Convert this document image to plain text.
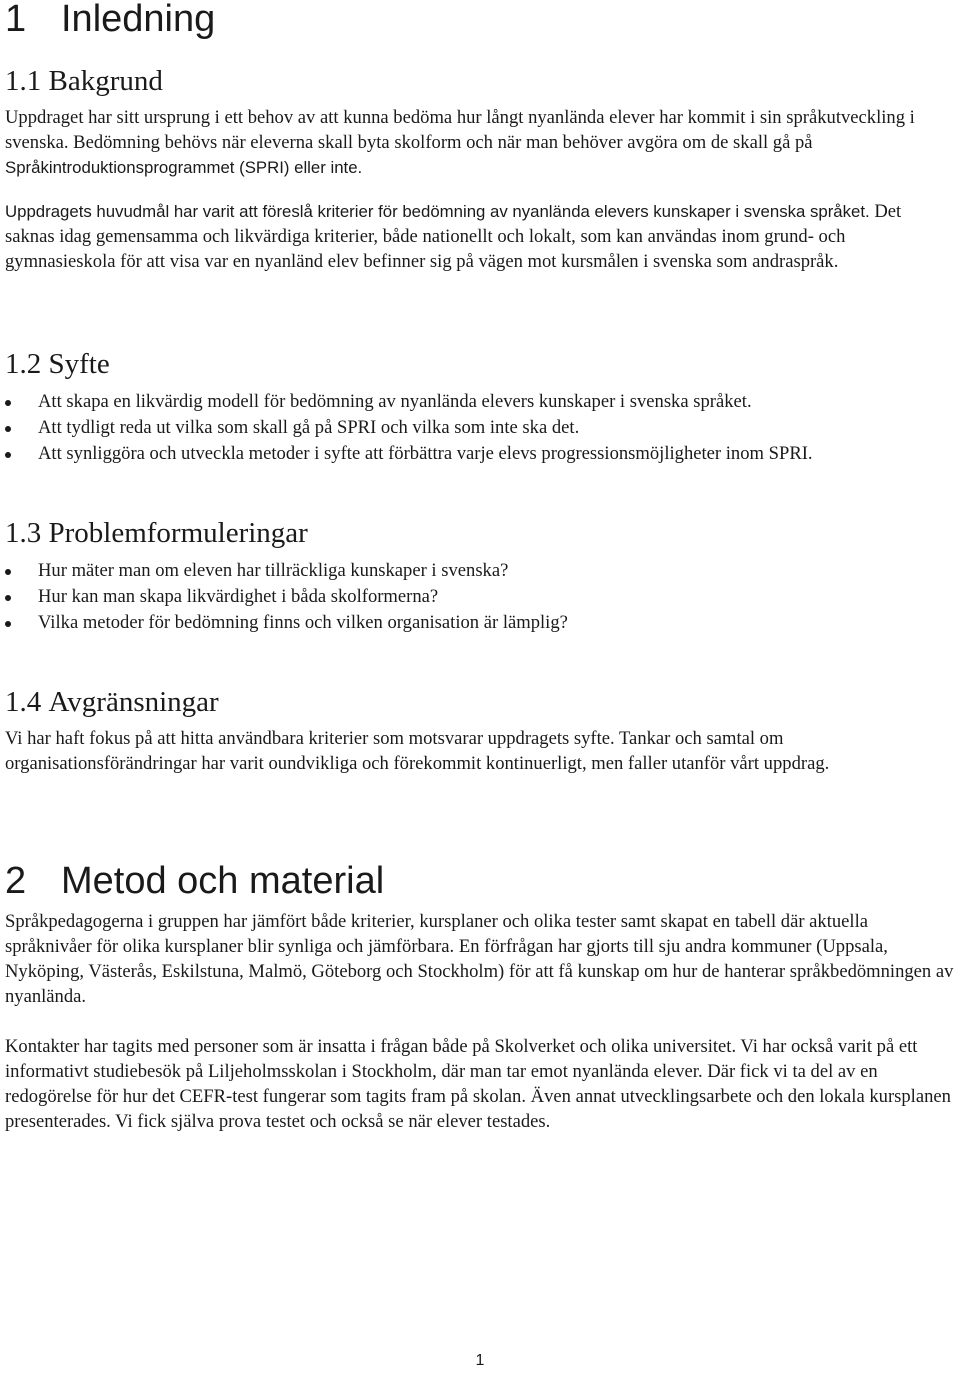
1 Inledning
1.1 Bakgrund

Uppdraget har sitt ursprung i ett behov av att kunna bedöma hur långt nyanlända elever har kommit i sin språkutveckling i svenska. Bedömning behövs när eleverna skall byta skolform och när man behöver avgöra om de skall gå på Språkintroduktionsprogrammet (SPRI) eller inte.

Uppdragets huvudmål har varit att föreslå kriterier för bedömning av nyanlända elevers kunskaper i svenska språket. Det saknas idag gemensamma och likvärdiga kriterier, både nationellt och lokalt, som kan användas inom grund- och gymnasieskola för att visa var en nyanländ elev befinner sig på vägen mot kursmålen i svenska som andraspråk.

1.2 Syfte
Att skapa en likvärdig modell för bedömning av nyanlända elevers kunskaper i svenska språket.
Att tydligt reda ut vilka som skall gå på SPRI och vilka som inte ska det.
Att synliggöra och utveckla metoder i syfte att förbättra varje elevs progressionsmöjligheter inom SPRI.
1.3 Problemformuleringar
Hur mäter man om eleven har tillräckliga kunskaper i svenska?
Hur kan man skapa likvärdighet i båda skolformerna?
Vilka metoder för bedömning finns och vilken organisation är lämplig?
1.4 Avgränsningar

Vi har haft fokus på att hitta användbara kriterier som motsvarar uppdragets syfte. Tankar och samtal om organisationsförändringar har varit oundvikliga och förekommit kontinuerligt, men faller utanför vårt uppdrag.

2 Metod och material

Språkpedagogerna i gruppen har jämfört både kriterier, kursplaner och olika tester samt skapat en tabell där aktuella språknivåer för olika kursplaner blir synliga och jämförbara. En förfrågan har gjorts till sju andra kommuner (Uppsala, Nyköping, Västerås, Eskilstuna, Malmö, Göteborg och Stockholm) för att få kunskap om hur de hanterar språkbedömningen av nyanlända.

Kontakter har tagits med personer som är insatta i frågan både på Skolverket och olika universitet. Vi har också varit på ett informativt studiebesök på Liljeholmsskolan i Stockholm, där man tar emot nyanlända elever. Där fick vi ta del av en redogörelse för hur det CEFR-test fungerar som tagits fram på skolan. Även annat utvecklingsarbete och den lokala kursplanen presenterades. Vi fick själva prova testet och också se när elever testades.

1
